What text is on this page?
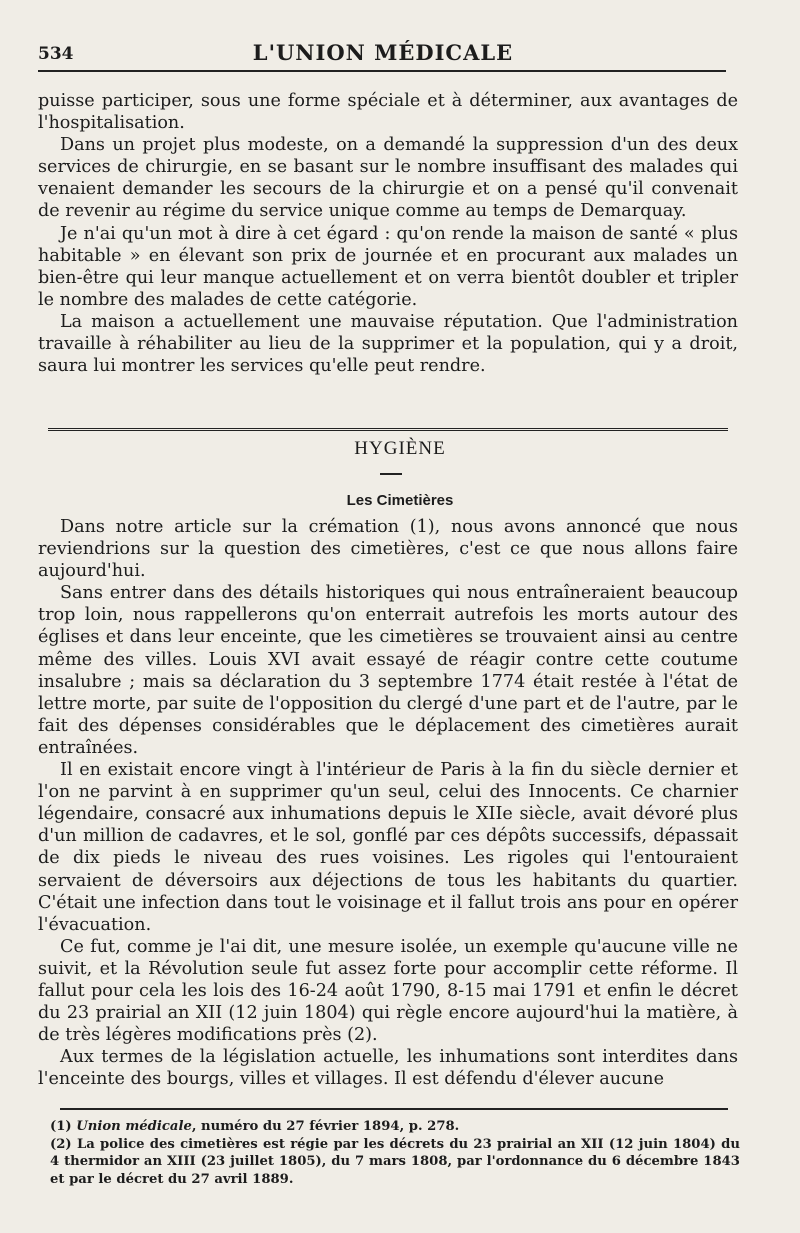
534	L'UNION MÉDICALE

puisse participer, sous une forme spéciale et à déterminer, aux avantages de l'hospitalisation.

Dans un projet plus modeste, on a demandé la suppression d'un des deux services de chirurgie, en se basant sur le nombre insuffisant des malades qui venaient demander les secours de la chirurgie et on a pensé qu'il convenait de revenir au régime du service unique comme au temps de Demarquay.

Je n'ai qu'un mot à dire à cet égard : qu'on rende la maison de santé « plus habitable » en élevant son prix de journée et en procurant aux malades un bien-être qui leur manque actuellement et on verra bientôt doubler et tripler le nombre des malades de cette catégorie.

La maison a actuellement une mauvaise réputation. Que l'administration travaille à réhabiliter au lieu de la supprimer et la population, qui y a droit, saura lui montrer les services qu'elle peut rendre.

HYGIÈNE
Les Cimetières

Dans notre article sur la crémation (1), nous avons annoncé que nous reviendrions sur la question des cimetières, c'est ce que nous allons faire aujourd'hui.

Sans entrer dans des détails historiques qui nous entraîneraient beaucoup trop loin, nous rappellerons qu'on enterrait autrefois les morts autour des églises et dans leur enceinte, que les cimetières se trouvaient ainsi au centre même des villes. Louis XVI avait essayé de réagir contre cette coutume insalubre ; mais sa déclaration du 3 septembre 1774 était restée à l'état de lettre morte, par suite de l'opposition du clergé d'une part et de l'autre, par le fait des dépenses considérables que le déplacement des cimetières aurait entraînées.

Il en existait encore vingt à l'intérieur de Paris à la fin du siècle dernier et l'on ne parvint à en supprimer qu'un seul, celui des Innocents. Ce charnier légendaire, consacré aux inhumations depuis le XIIe siècle, avait dévoré plus d'un million de cadavres, et le sol, gonflé par ces dépôts successifs, dépassait de dix pieds le niveau des rues voisines. Les rigoles qui l'entouraient servaient de déversoirs aux déjections de tous les habitants du quartier. C'était une infection dans tout le voisinage et il fallut trois ans pour en opérer l'évacuation.

Ce fut, comme je l'ai dit, une mesure isolée, un exemple qu'aucune ville ne suivit, et la Révolution seule fut assez forte pour accomplir cette réforme. Il fallut pour cela les lois des 16-24 août 1790, 8-15 mai 1791 et enfin le décret du 23 prairial an XII (12 juin 1804) qui règle encore aujourd'hui la matière, à de très légères modifications près (2).

Aux termes de la législation actuelle, les inhumations sont interdites dans l'enceinte des bourgs, villes et villages. Il est défendu d'élever aucune

(1) Union médicale, numéro du 27 février 1894, p. 278.

(2) La police des cimetières est régie par les décrets du 23 prairial an XII (12 juin 1804) du 4 thermidor an XIII (23 juillet 1805), du 7 mars 1808, par l'ordonnance du 6 décembre 1843 et par le décret du 27 avril 1889.
